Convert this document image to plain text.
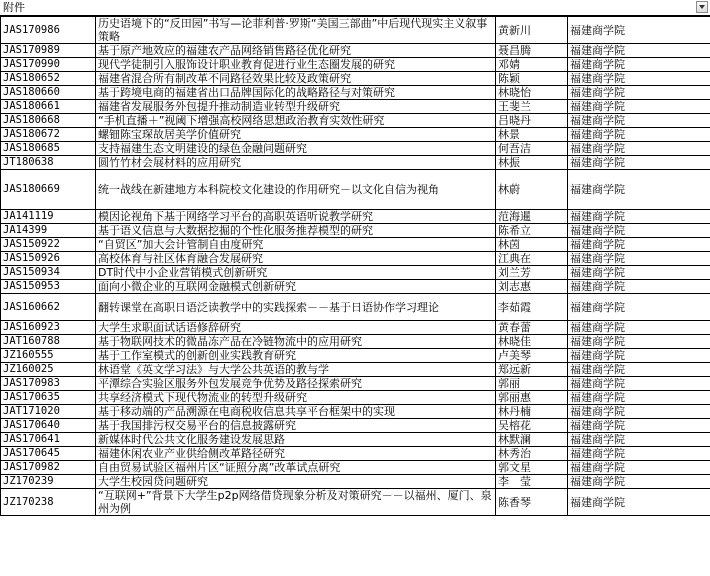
附件
JAS170986	历史语境下的“反田园”书写—论菲利普·罗斯“美国三部曲”中后现代现实主义叙事策略	黄新川	福建商学院
JAS170989	基于原产地效应的福建农产品网络销售路径优化研究	聂昌腾	福建商学院
JAS170990	现代学徒制引入服饰设计职业教育促进行业生态圈发展的研究	邓婧	福建商学院
JAS180652	福建省混合所有制改革不同路径效果比较及政策研究	陈颖	福建商学院
JAS180660	基于跨境电商的福建省出口品牌国际化的战略路径与对策研究	林晓怡	福建商学院
JAS180661	福建省发展服务外包提升推动制造业转型升级研究	王斐兰	福建商学院
JAS180668	“手机直播＋”视阈下增强高校网络思想政治教育实效性研究	吕晓丹	福建商学院
JAS180672	螺钿陈宝琛故居美学价值研究	林景	福建商学院
JAS180685	支持福建生态文明建设的绿色金融问题研究	何吾洁	福建商学院
JT180638	圆竹竹材会展材料的应用研究	林振	福建商学院
JAS180669	统一战线在新建地方本科院校文化建设的作用研究－以文化自信为视角	林蔚	福建商学院
JA141119	模因论视角下基于网络学习平台的高职英语听说教学研究	范海暹	福建商学院
JA14399	基于语义信息与大数据挖掘的个性化服务推荐模型的研究	陈希立	福建商学院
JAS150922	“自贸区”加大会计管制自由度研究	林茵	福建商学院
JAS150926	高校体育与社区体育融合发展研究	江典在	福建商学院
JAS150934	DT时代中小企业营销模式创新研究	刘兰芳	福建商学院
JAS150953	面向小微企业的互联网金融模式创新研究	刘志惠	福建商学院
JAS160662	翻转课堂在高职日语泛读教学中的实践探索－－基于日语协作学习理论	李茹霞	福建商学院
JAS160923	大学生求职面试话语修辞研究	黄春蕾	福建商学院
JAT160788	基于物联网技术的微晶冻产品在冷链物流中的应用研究	林晓佳	福建商学院
JZ160555	基于工作室模式的创新创业实践教育研究	卢美琴	福建商学院
JZ160025	林语堂《英文学习法》与大学公共英语的教与学	郑远新	福建商学院
JAS170983	平潭综合实验区服务外包发展竞争优势及路径探索研究	郭丽	福建商学院
JAS170635	共享经济模式下现代物流业的转型升级研究	郭丽惠	福建商学院
JAT171020	基于移动端的产品溯源在电商税收信息共享平台框架中的实现	林丹楠	福建商学院
JAS170640	基于我国排污权交易平台的信息披露研究	吴榕花	福建商学院
JAS170641	新媒体时代公共文化服务建设发展思路	林默澜	福建商学院
JAS170645	福建休闲农业产业供给侧改革路径研究	林秀治	福建商学院
JAS170982	自由贸易试验区福州片区“证照分离”改革试点研究	郭文星	福建商学院
JZ170239	大学生校园贷问题研究	李　莹	福建商学院
JZ170238	“互联网+”背景下大学生p2p网络借贷现象分析及对策研究－－以福州、厦门、泉州为例	陈香琴	福建商学院
